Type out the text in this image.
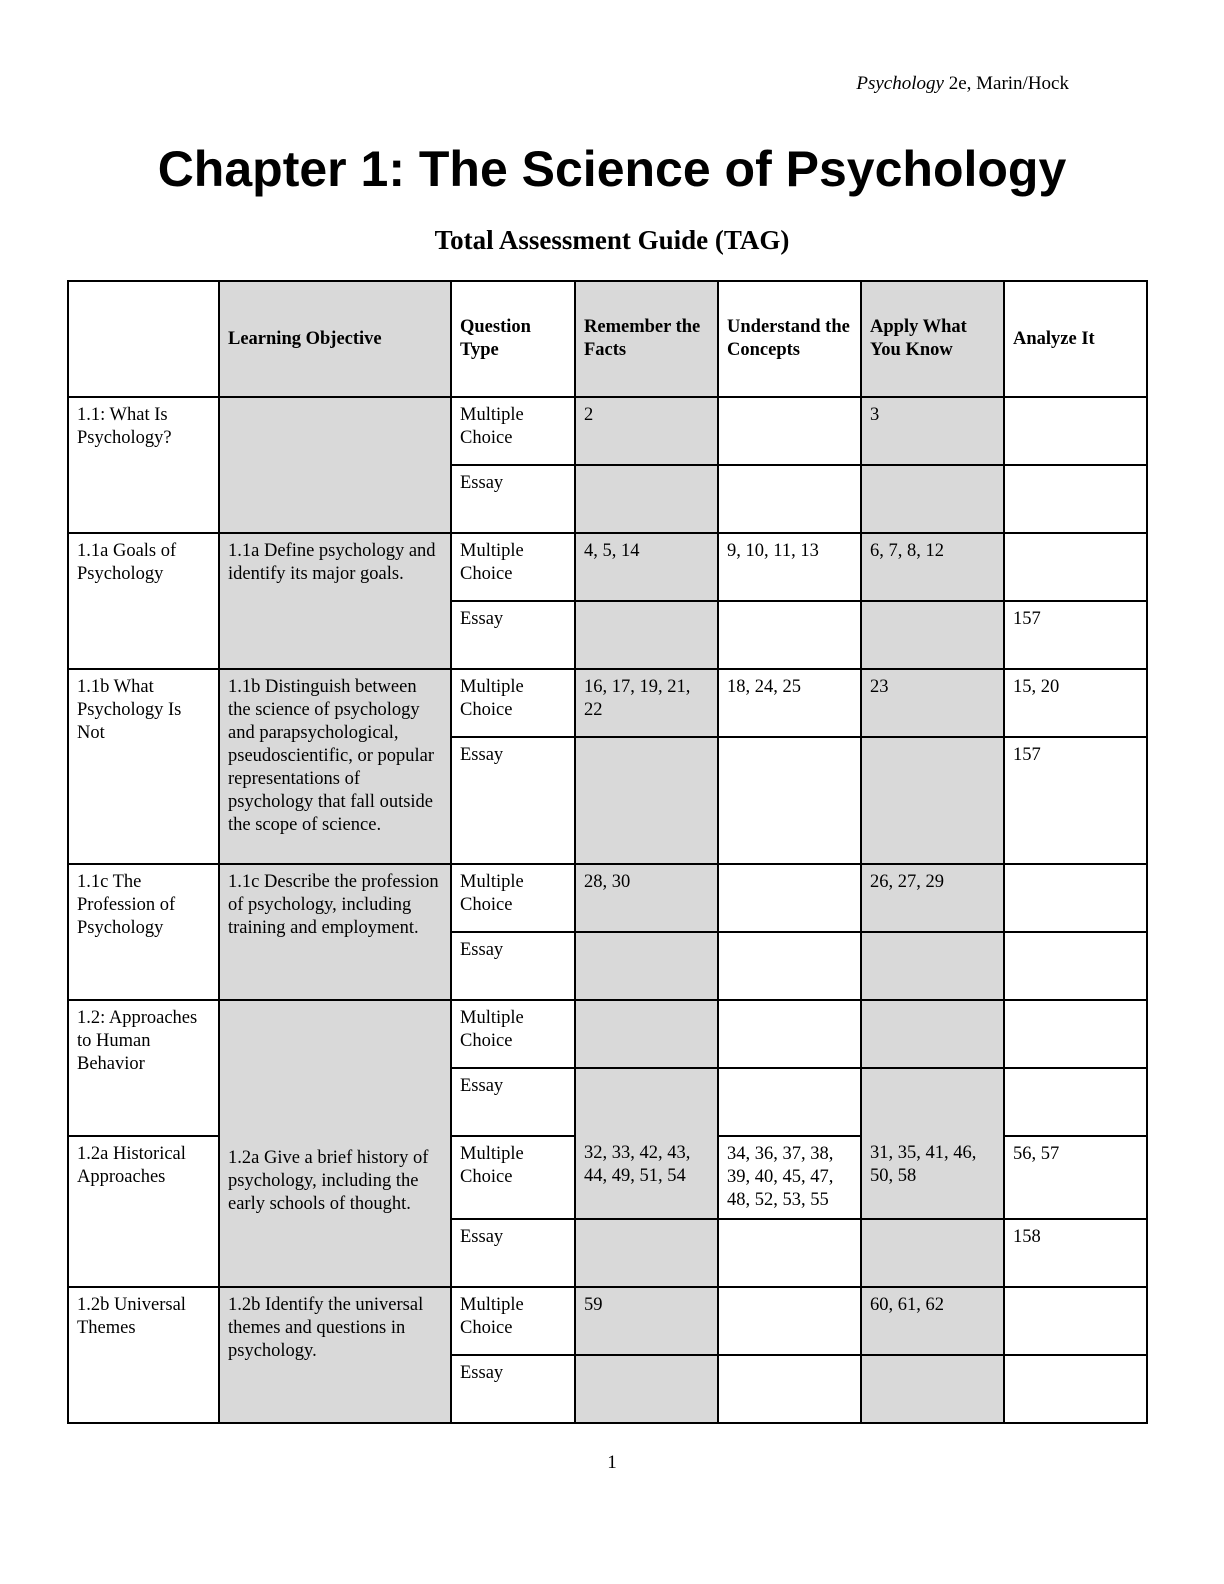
Psychology 2e, Marin/Hock
Chapter 1: The Science of Psychology
Total Assessment Guide (TAG)
	Learning Objective	Question Type	Remember the Facts	Understand the Concepts	Apply What You Know	Analyze It
1.1: What Is Psychology?		Multiple Choice	2		3	
		Essay				
1.1a Goals of Psychology	1.1a Define psychology and identify its major goals.	Multiple Choice	4, 5, 14	9, 10, 11, 13	6, 7, 8, 12	
		Essay				157
1.1b What Psychology Is Not	1.1b Distinguish between the science of psychology and parapsychological, pseudoscientific, or popular representations of psychology that fall outside the scope of science.	Multiple Choice	16, 17, 19, 21, 22	18, 24, 25	23	15, 20
		Essay				157
1.1c The Profession of Psychology	1.1c Describe the profession of psychology, including training and employment.	Multiple Choice	28, 30		26, 27, 29	
		Essay				
1.2: Approaches to Human Behavior	1.2a Give a brief history of psychology, including the early schools of thought.	Multiple Choice				
		Essay				
1.2a Historical Approaches		Multiple Choice	32, 33, 42, 43, 44, 49, 51, 54	34, 36, 37, 38, 39, 40, 45, 47, 48, 52, 53, 55	31, 35, 41, 46, 50, 58	56, 57
		Essay				158
1.2b Universal Themes	1.2b Identify the universal themes and questions in psychology.	Multiple Choice	59		60, 61, 62	
		Essay				
1
